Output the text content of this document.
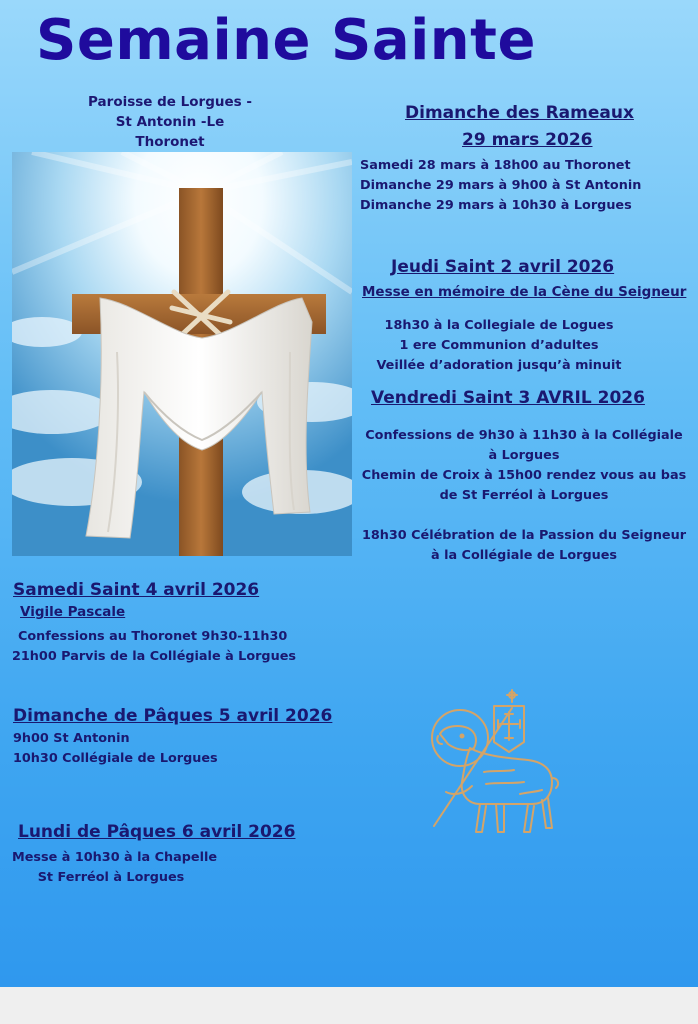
Semaine Sainte
Paroisse de Lorgues -
St Antonin -Le
Thoronet

Dimanche des Rameaux

29 mars 2026

Samedi 28 mars à 18h00 au Thoronet
Dimanche 29 mars à 9h00 à St Antonin
Dimanche 29 mars à 10h30 à Lorgues

Jeudi Saint 2 avril 2026

Messe en mémoire de la Cène du Seigneur

18h30 à la Collegiale de Logues
1 ere Communion d’adultes
Veillée d’adoration jusqu’à minuit

Vendredi Saint 3 AVRIL 2026

Confessions de 9h30 à 11h30 à la Collégiale
à Lorgues
Chemin de Croix à 15h00 rendez vous au bas
de St Ferréol à Lorgues
18h30 Célébration de la Passion du Seigneur
à la Collégiale de Lorgues

Samedi Saint 4 avril 2026

Vigile Pascale

Confessions au Thoronet 9h30-11h30
21h00 Parvis de la Collégiale à Lorgues

Dimanche de Pâques 5 avril 2026

9h00 St Antonin
10h30 Collégiale de Lorgues

Lundi de Pâques 6 avril 2026

Messe à 10h30 à la Chapelle
St Ferréol à Lorgues
